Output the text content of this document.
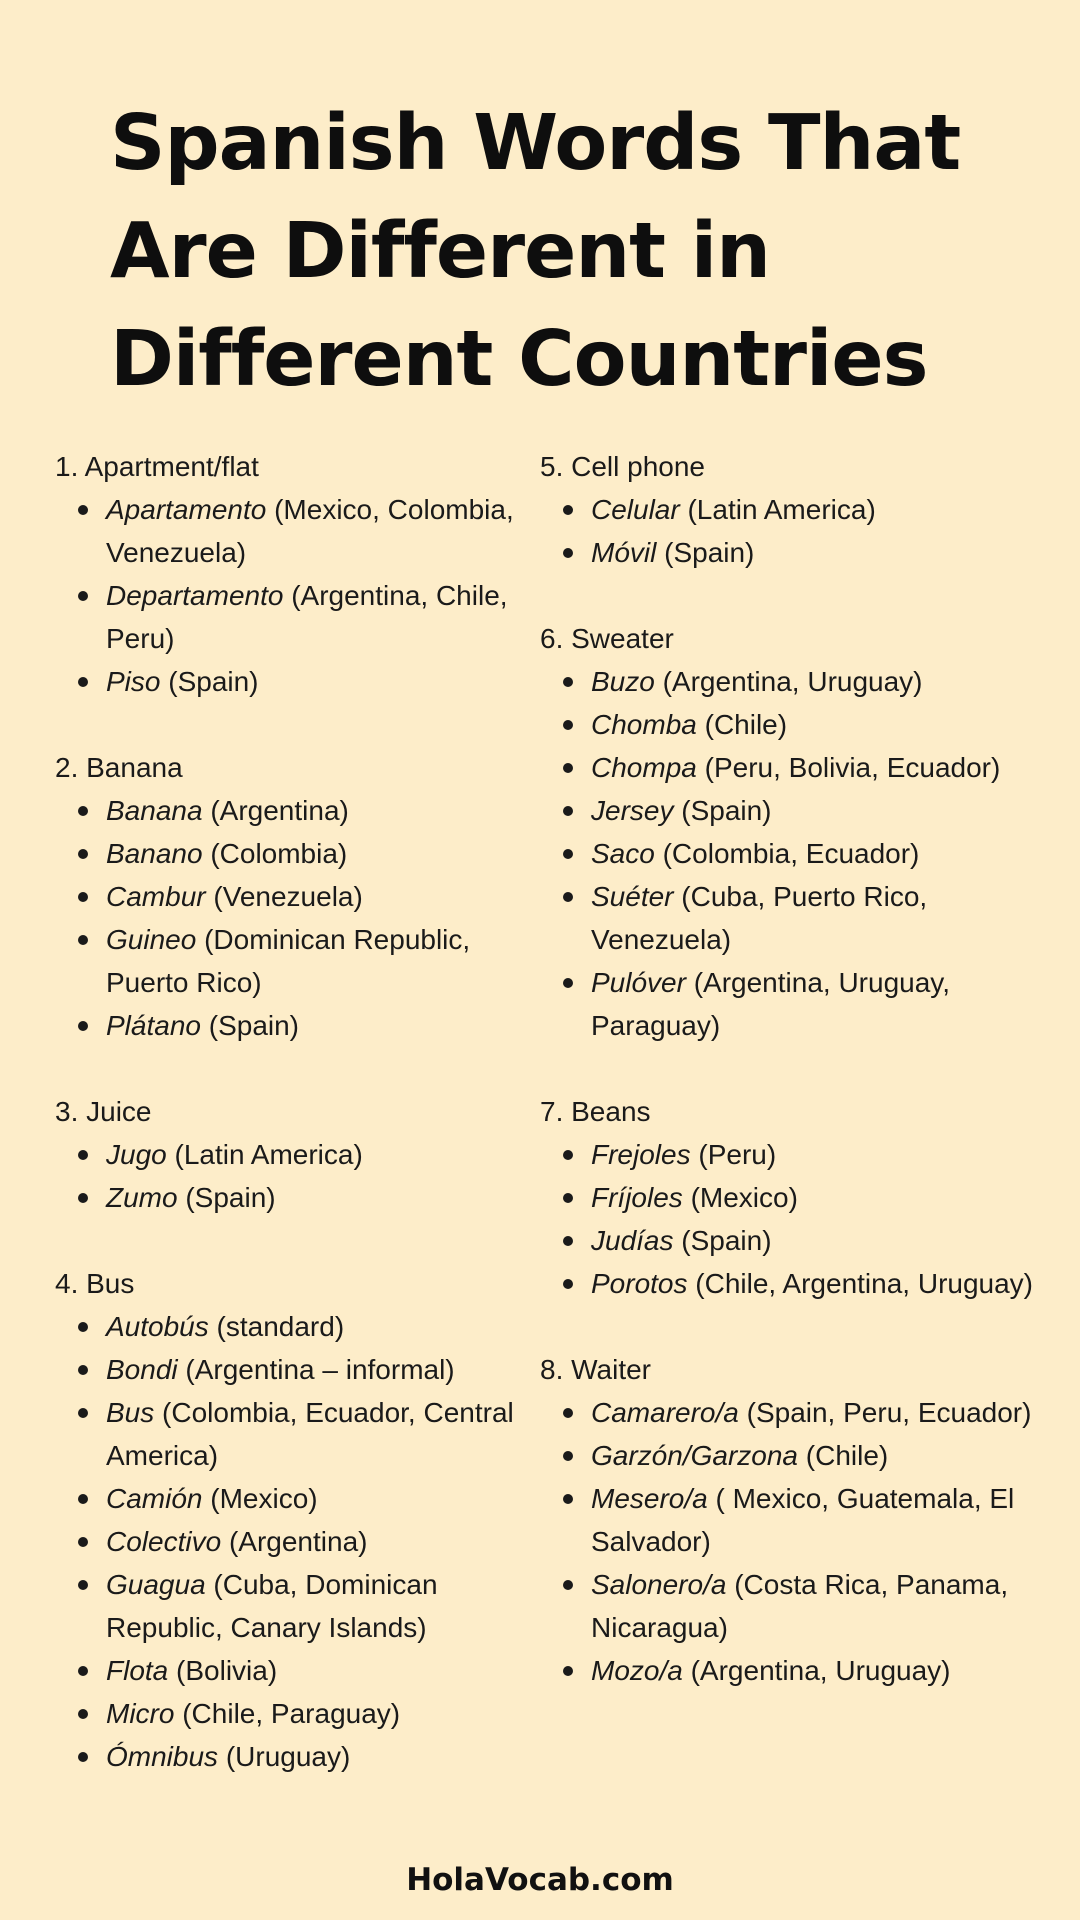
Spanish Words That Are Different in Different Countries
1. Apartment/flat
Apartamento (Mexico, Colombia, Venezuela)
Departamento (Argentina, Chile, Peru)
Piso (Spain)
2. Banana
Banana (Argentina)
Banano (Colombia)
Cambur (Venezuela)
Guineo (Dominican Republic, Puerto Rico)
Plátano (Spain)
3. Juice
Jugo (Latin America)
Zumo (Spain)
4. Bus
Autobús (standard)
Bondi (Argentina – informal)
Bus (Colombia, Ecuador, Central America)
Camión (Mexico)
Colectivo (Argentina)
Guagua (Cuba, Dominican Republic, Canary Islands)
Flota (Bolivia)
Micro (Chile, Paraguay)
Ómnibus (Uruguay)
5. Cell phone
Celular (Latin America)
Móvil (Spain)
6. Sweater
Buzo (Argentina, Uruguay)
Chomba (Chile)
Chompa (Peru, Bolivia, Ecuador)
Jersey (Spain)
Saco (Colombia, Ecuador)
Suéter (Cuba, Puerto Rico, Venezuela)
Pulóver (Argentina, Uruguay, Paraguay)
7. Beans
Frejoles (Peru)
Fríjoles (Mexico)
Judías (Spain)
Porotos (Chile, Argentina, Uruguay)
8. Waiter
Camarero/a (Spain, Peru, Ecuador)
Garzón/Garzona (Chile)
Mesero/a ( Mexico, Guatemala, El Salvador)
Salonero/a (Costa Rica, Panama, Nicaragua)
Mozo/a (Argentina, Uruguay)
HolaVocab.com
